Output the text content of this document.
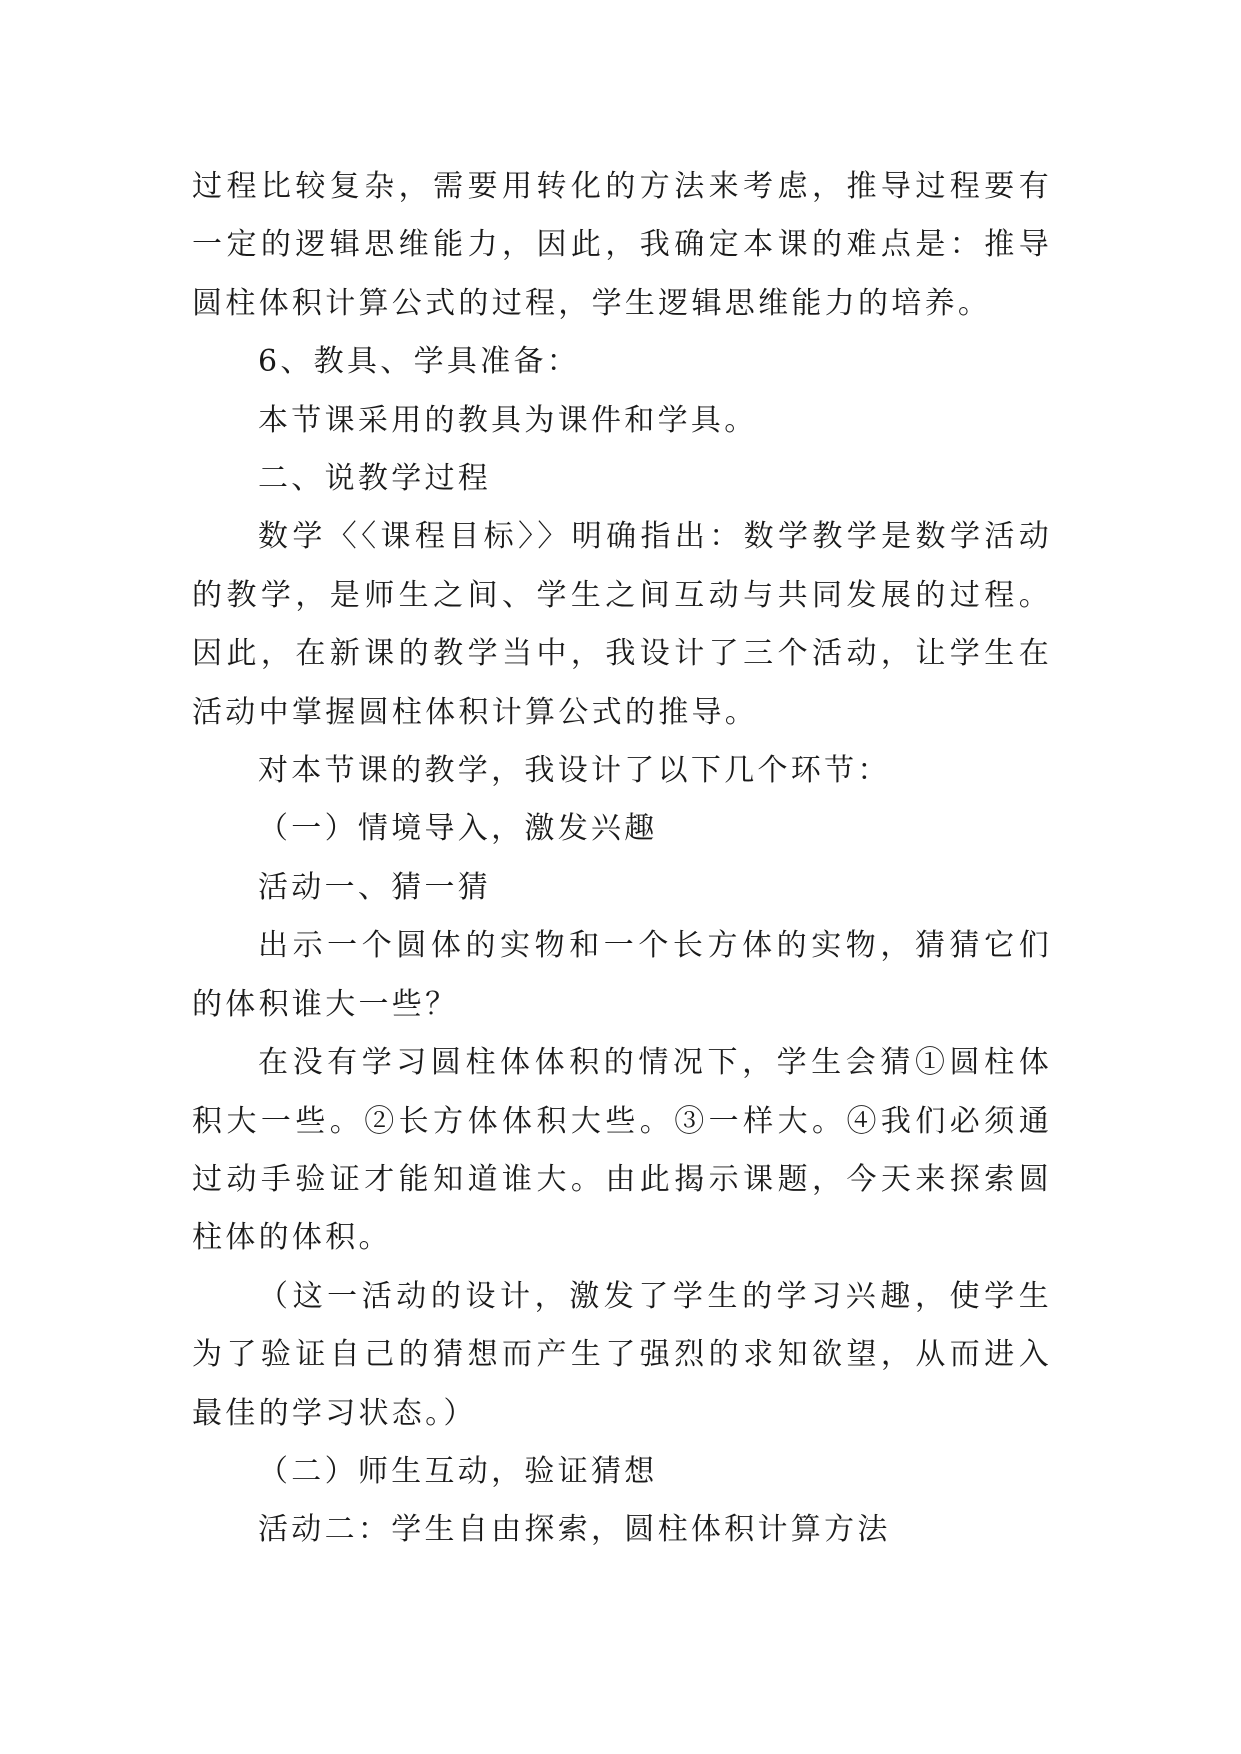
过程比较复杂，需要用转化的方法来考虑，推导过程要有一定的逻辑思维能力，因此，我确定本课的难点是：推导圆柱体积计算公式的过程，学生逻辑思维能力的培养。

6、教具、学具准备：

本节课采用的教具为课件和学具。

二、说教学过程

数学〈〈课程目标〉〉明确指出：数学教学是数学活动的教学，是师生之间、学生之间互动与共同发展的过程。因此，在新课的教学当中，我设计了三个活动，让学生在活动中掌握圆柱体积计算公式的推导。

对本节课的教学，我设计了以下几个环节：

（一）情境导入，激发兴趣

活动一、猜一猜

出示一个圆体的实物和一个长方体的实物，猜猜它们的体积谁大一些？

在没有学习圆柱体体积的情况下，学生会猜①圆柱体积大一些。②长方体体积大些。③一样大。④我们必须通过动手验证才能知道谁大。由此揭示课题，今天来探索圆柱体的体积。

（这一活动的设计，激发了学生的学习兴趣，使学生为了验证自己的猜想而产生了强烈的求知欲望，从而进入最佳的学习状态。）

（二）师生互动，验证猜想

活动二：学生自由探索，圆柱体积计算方法
